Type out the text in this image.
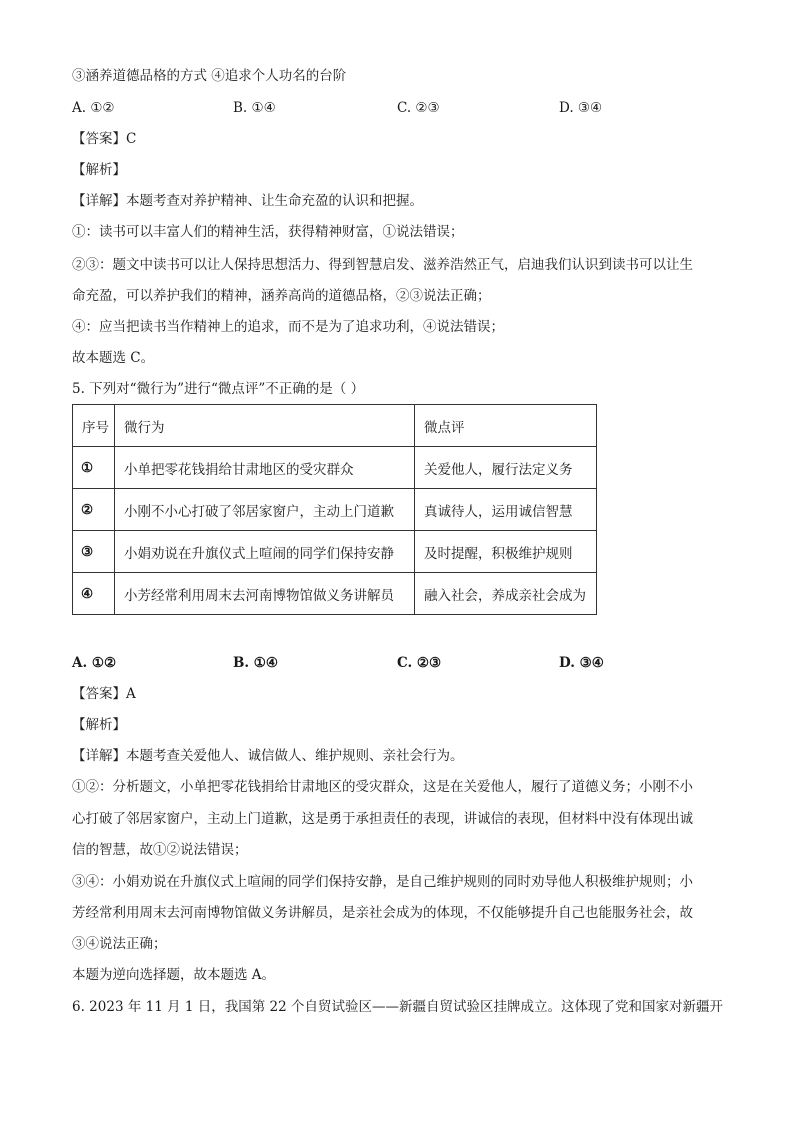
③涵养道德品格的方式 ④追求个人功名的台阶
A. ①②	B. ①④	C. ②③	D. ③④
【答案】C
【解析】
【详解】本题考查对养护精神、让生命充盈的认识和把握。
①：读书可以丰富人们的精神生活，获得精神财富，①说法错误；
②③：题文中读书可以让人保持思想活力、得到智慧启发、滋养浩然正气，启迪我们认识到读书可以让生
命充盈，可以养护我们的精神，涵养高尚的道德品格，②③说法正确；
④：应当把读书当作精神上的追求，而不是为了追求功利，④说法错误；
故本题选 C。
5. 下列对“微行为”进行“微点评”不正确的是（ ）
序号	微行为	微点评
①	小单把零花钱捐给甘肃地区的受灾群众	关爱他人，履行法定义务
②	小刚不小心打破了邻居家窗户，主动上门道歉	真诚待人，运用诚信智慧
③	小娟劝说在升旗仪式上喧闹的同学们保持安静	及时提醒，积极维护规则
④	小芳经常利用周末去河南博物馆做义务讲解员	融入社会，养成亲社会成为
A. ①②	B. ①④	C. ②③	D. ③④
【答案】A
【解析】
【详解】本题考查关爱他人、诚信做人、维护规则、亲社会行为。
①②：分析题文，小单把零花钱捐给甘肃地区的受灾群众，这是在关爱他人，履行了道德义务；小刚不小
心打破了邻居家窗户，主动上门道歉，这是勇于承担责任的表现，讲诚信的表现，但材料中没有体现出诚
信的智慧，故①②说法错误；
③④：小娟劝说在升旗仪式上喧闹的同学们保持安静，是自己维护规则的同时劝导他人积极维护规则；小
芳经常利用周末去河南博物馆做义务讲解员，是亲社会成为的体现，不仅能够提升自己也能服务社会，故
③④说法正确；
本题为逆向选择题，故本题选 A。
6. 2023 年 11 月 1 日，我国第 22 个自贸试验区——新疆自贸试验区挂牌成立。这体现了党和国家对新疆开
